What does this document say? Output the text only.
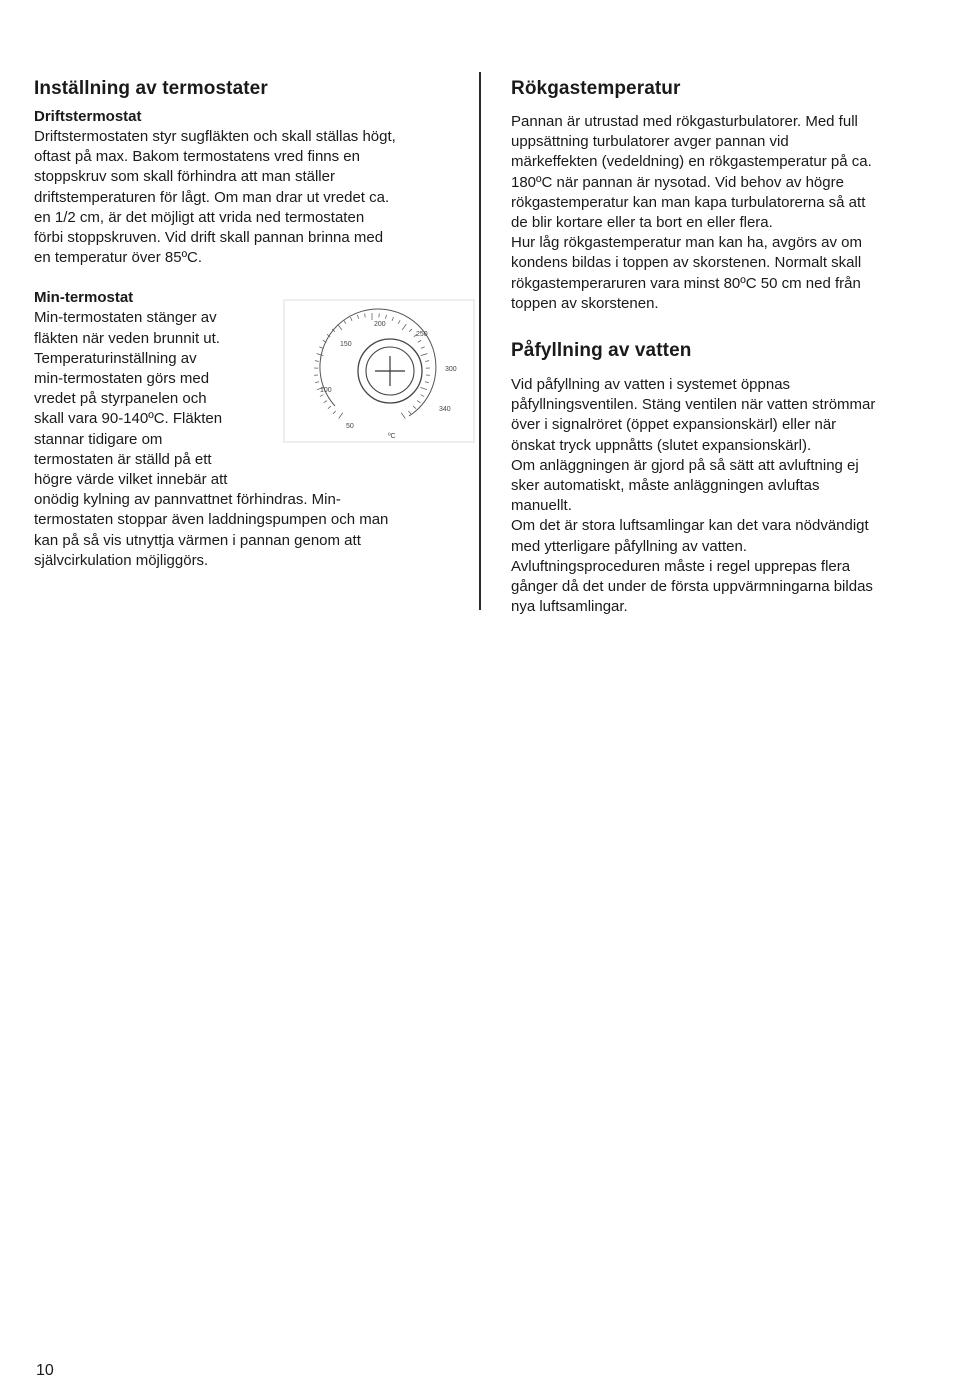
Inställning av termostater
Driftstermostat

Driftstermostaten styr sugfläkten och skall ställas högt,

oftast på max. Bakom termostatens vred finns en

stoppskruv som skall förhindra att man ställer

driftstemperaturen för lågt. Om man drar ut vredet ca.

en 1/2 cm, är det möjligt att vrida ned termostaten

förbi stoppskruven. Vid drift skall pannan brinna med

en temperatur över 85ºC.

Min-termostat

Min-termostaten stänger av

fläkten när veden brunnit ut.

Temperaturinställning av

min-termostaten görs med

vredet på styrpanelen och

skall vara 90-140ºC. Fläkten

stannar tidigare om

termostaten är ställd på ett

högre värde vilket innebär att

onödig kylning av pannvattnet förhindras. Min-

termostaten stoppar även laddningspumpen och man

kan på så vis utnyttja värmen i pannan genom att

självcirkulation möjliggörs.

50
100
150
200
250
300
340
ºC
Rökgastemperatur

Pannan är utrustad med rökgasturbulatorer. Med full

uppsättning turbulatorer avger pannan vid

märkeffekten (vedeldning) en rökgastemperatur på ca.

180ºC när pannan är nysotad. Vid behov av högre

rökgastemperatur kan man kapa turbulatorerna så att

de blir kortare eller ta bort en eller flera.

Hur låg rökgastemperatur man kan ha, avgörs av om

kondens bildas i toppen av skorstenen. Normalt skall

rökgastemperaruren vara minst 80ºC 50 cm ned från

toppen av skorstenen.

Påfyllning av vatten

Vid påfyllning av vatten i systemet öppnas

påfyllningsventilen. Stäng ventilen när vatten strömmar

över i signalröret (öppet expansionskärl) eller när

önskat tryck uppnåtts (slutet expansionskärl).

Om anläggningen är gjord på så sätt att avluftning ej

sker automatiskt, måste anläggningen avluftas

manuellt.

Om det är stora luftsamlingar kan det vara nödvändigt

med ytterligare påfyllning av vatten.

Avluftningsproceduren måste i regel upprepas flera

gånger då det under de första uppvärmningarna bildas

nya luftsamlingar.

10
